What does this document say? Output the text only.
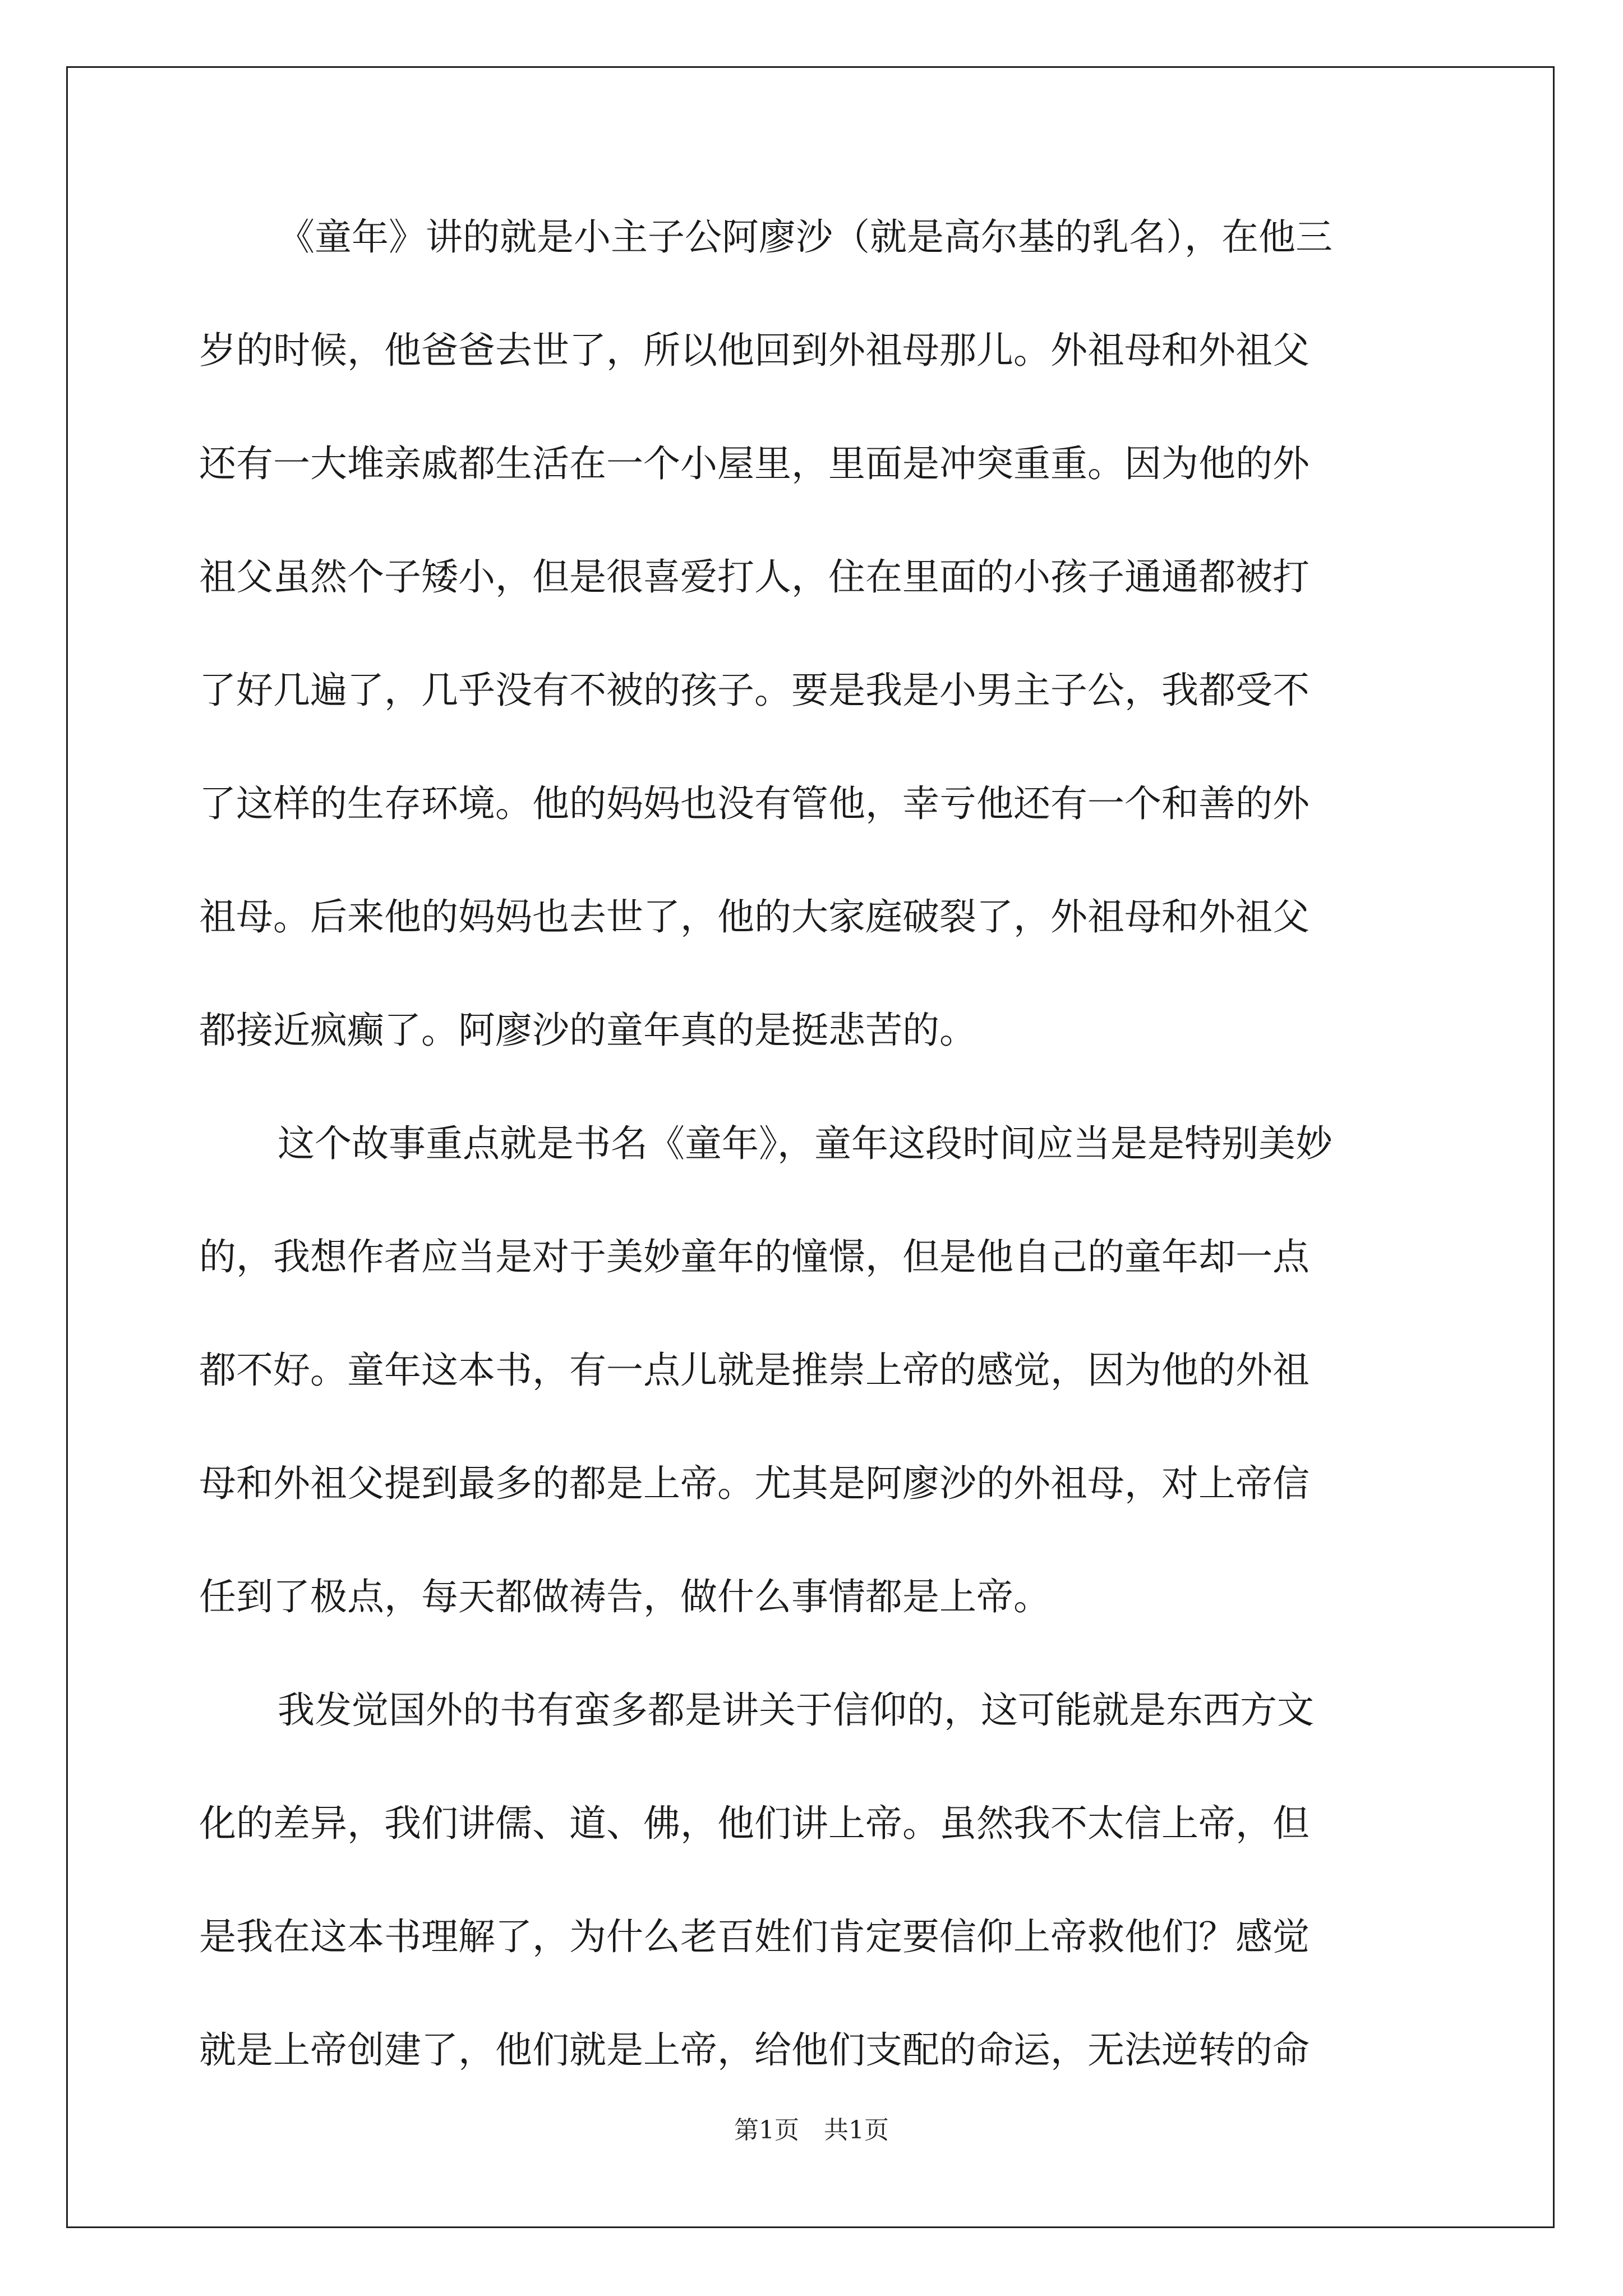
《童年》讲的就是小主子公阿廖沙（就是高尔基的乳名），在他三
岁的时候，他爸爸去世了，所以他回到外祖母那儿。外祖母和外祖父
还有一大堆亲戚都生活在一个小屋里，里面是冲突重重。因为他的外
祖父虽然个子矮小，但是很喜爱打人，住在里面的小孩子通通都被打
了好几遍了，几乎没有不被的孩子。要是我是小男主子公，我都受不
了这样的生存环境。他的妈妈也没有管他，幸亏他还有一个和善的外
祖母。后来他的妈妈也去世了，他的大家庭破裂了，外祖母和外祖父
都接近疯癫了。阿廖沙的童年真的是挺悲苦的。
这个故事重点就是书名《童年》，童年这段时间应当是是特别美妙
的，我想作者应当是对于美妙童年的憧憬，但是他自己的童年却一点
都不好。童年这本书，有一点儿就是推崇上帝的感觉，因为他的外祖
母和外祖父提到最多的都是上帝。尤其是阿廖沙的外祖母，对上帝信
任到了极点，每天都做祷告，做什么事情都是上帝。
我发觉国外的书有蛮多都是讲关于信仰的，这可能就是东西方文
化的差异，我们讲儒、道、佛，他们讲上帝。虽然我不太信上帝，但
是我在这本书理解了，为什么老百姓们肯定要信仰上帝救他们？感觉
就是上帝创建了，他们就是上帝，给他们支配的命运，无法逆转的命
第1页　共1页
